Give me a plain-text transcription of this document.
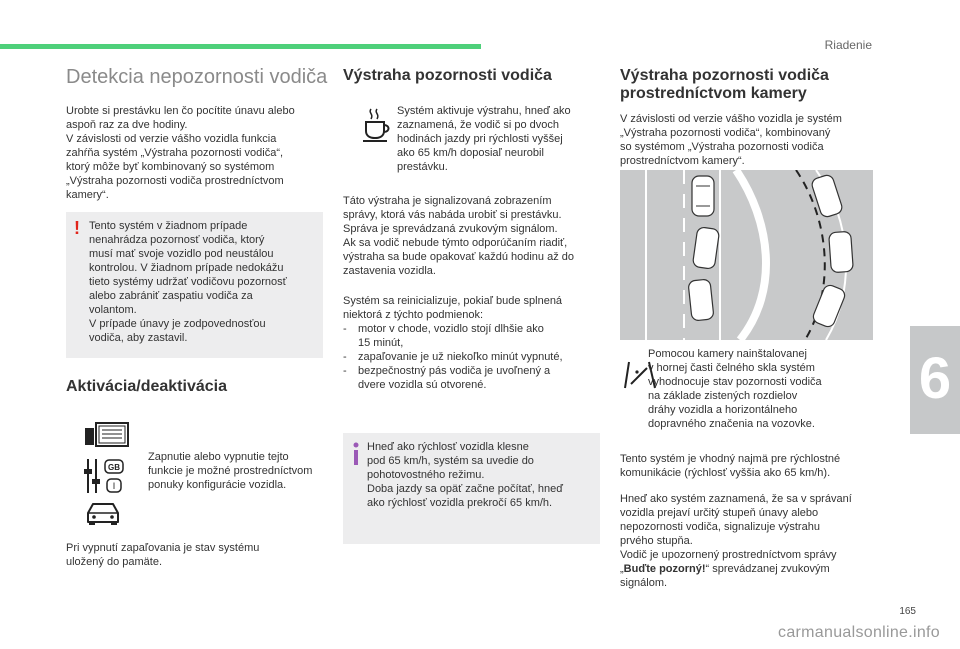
Riadenie
6
Detekcia nepozornosti vodiča
Urobte si prestávku len čo pocítite únavu alebo
aspoň raz za dve hodiny.
V závislosti od verzie vášho vozidla funkcia
zahŕňa systém „Výstraha pozornosti vodiča“,
ktorý môže byť kombinovaný so systémom
„Výstraha pozornosti vodiča prostredníctvom
kamery“.
! Tento systém v žiadnom prípade
nenahrádza pozornosť vodiča, ktorý
musí mať svoje vozidlo pod neustálou
kontrolou. V žiadnom prípade nedokážu
tieto systémy udržať vodičovu pozornosť
alebo zabrániť zaspatiu vodiča za
volantom.
V prípade únavy je zodpovednosťou
vodiča, aby zastavil.
Aktivácia/deaktivácia
GB
I
Zapnutie alebo vypnutie tejto
funkcie je možné prostredníctvom
ponuky konfigurácie vozidla.
Pri vypnutí zapaľovania je stav systému
uložený do pamäte.
Výstraha pozornosti vodiča
Systém aktivuje výstrahu, hneď ako
zaznamená, že vodič si po dvoch
hodinách jazdy pri rýchlosti vyššej
ako 65 km/h doposiaľ neurobil
prestávku.
Táto výstraha je signalizovaná zobrazením
správy, ktorá vás nabáda urobiť si prestávku.
Správa je sprevádzaná zvukovým signálom.
Ak sa vodič nebude týmto odporúčaním riadiť,
výstraha sa bude opakovať každú hodinu až do
zastavenia vozidla.
Systém sa reinicializuje, pokiaľ bude splnená
niektorá z týchto podmienok:
- motor v chode, vozidlo stojí dlhšie ako
15 minút,
- zapaľovanie je už niekoľko minút vypnuté,
- bezpečnostný pás vodiča je uvoľnený a
dvere vozidla sú otvorené.
Hneď ako rýchlosť vozidla klesne
pod 65 km/h, systém sa uvedie do
pohotovostného režimu.
Doba jazdy sa opäť začne počítať, hneď
ako rýchlosť vozidla prekročí 65 km/h.
Výstraha pozornosti vodiča
prostredníctvom kamery
V závislosti od verzie vášho vozidla je systém
„Výstraha pozornosti vodiča“, kombinovaný
so systémom „Výstraha pozornosti vodiča
prostredníctvom kamery“.
Pomocou kamery nainštalovanej
v hornej časti čelného skla systém
vyhodnocuje stav pozornosti vodiča
na základe zistených rozdielov
dráhy vozidla a horizontálneho
dopravného značenia na vozovke.
Tento systém je vhodný najmä pre rýchlostné
komunikácie (rýchlosť vyššia ako 65 km/h).
Hneď ako systém zaznamená, že sa v správaní
vozidla prejaví určitý stupeň únavy alebo
nepozornosti vodiča, signalizuje výstrahu
prvého stupňa.
Vodič je upozornený prostredníctvom správy
„Buďte pozorný!“ sprevádzanej zvukovým
signálom.
165
carmanualsonline.info
